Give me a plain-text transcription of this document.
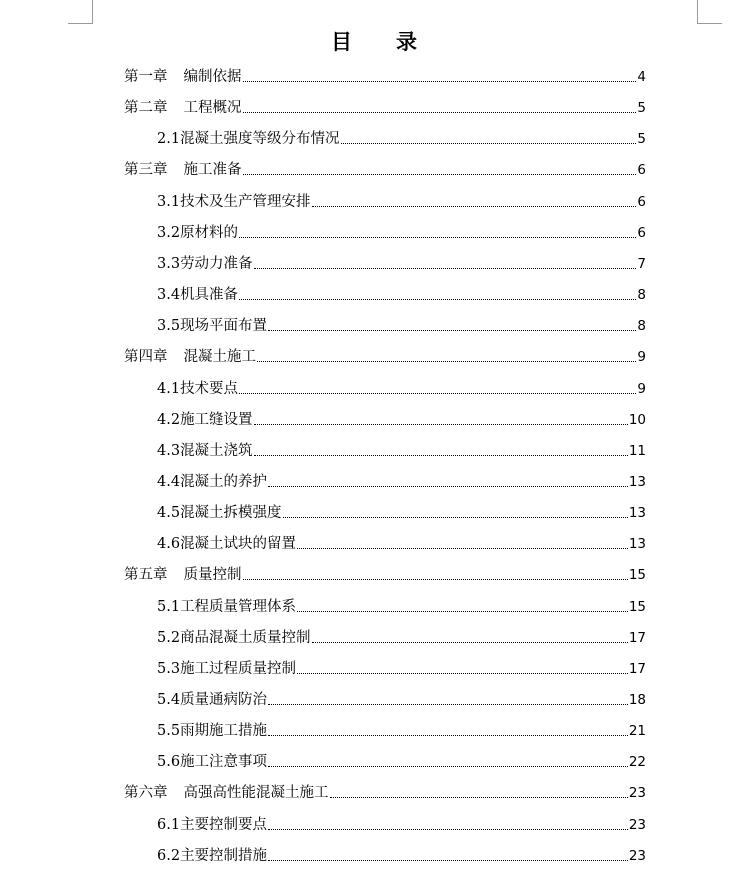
目 录
第一章 编制依据	4
第二章 工程概况	5
2.1混凝土强度等级分布情况	5
第三章 施工准备	6
3.1技术及生产管理安排	6
3.2原材料的	6
3.3劳动力准备	7
3.4机具准备	8
3.5现场平面布置	8
第四章 混凝土施工	9
4.1技术要点	9
4.2施工缝设置	10
4.3混凝土浇筑	11
4.4混凝土的养护	13
4.5混凝土拆模强度	13
4.6混凝土试块的留置	13
第五章 质量控制	15
5.1工程质量管理体系	15
5.2商品混凝土质量控制	17
5.3施工过程质量控制	17
5.4质量通病防治	18
5.5雨期施工措施	21
5.6施工注意事项	22
第六章 高强高性能混凝土施工	23
6.1主要控制要点	23
6.2主要控制措施	23
